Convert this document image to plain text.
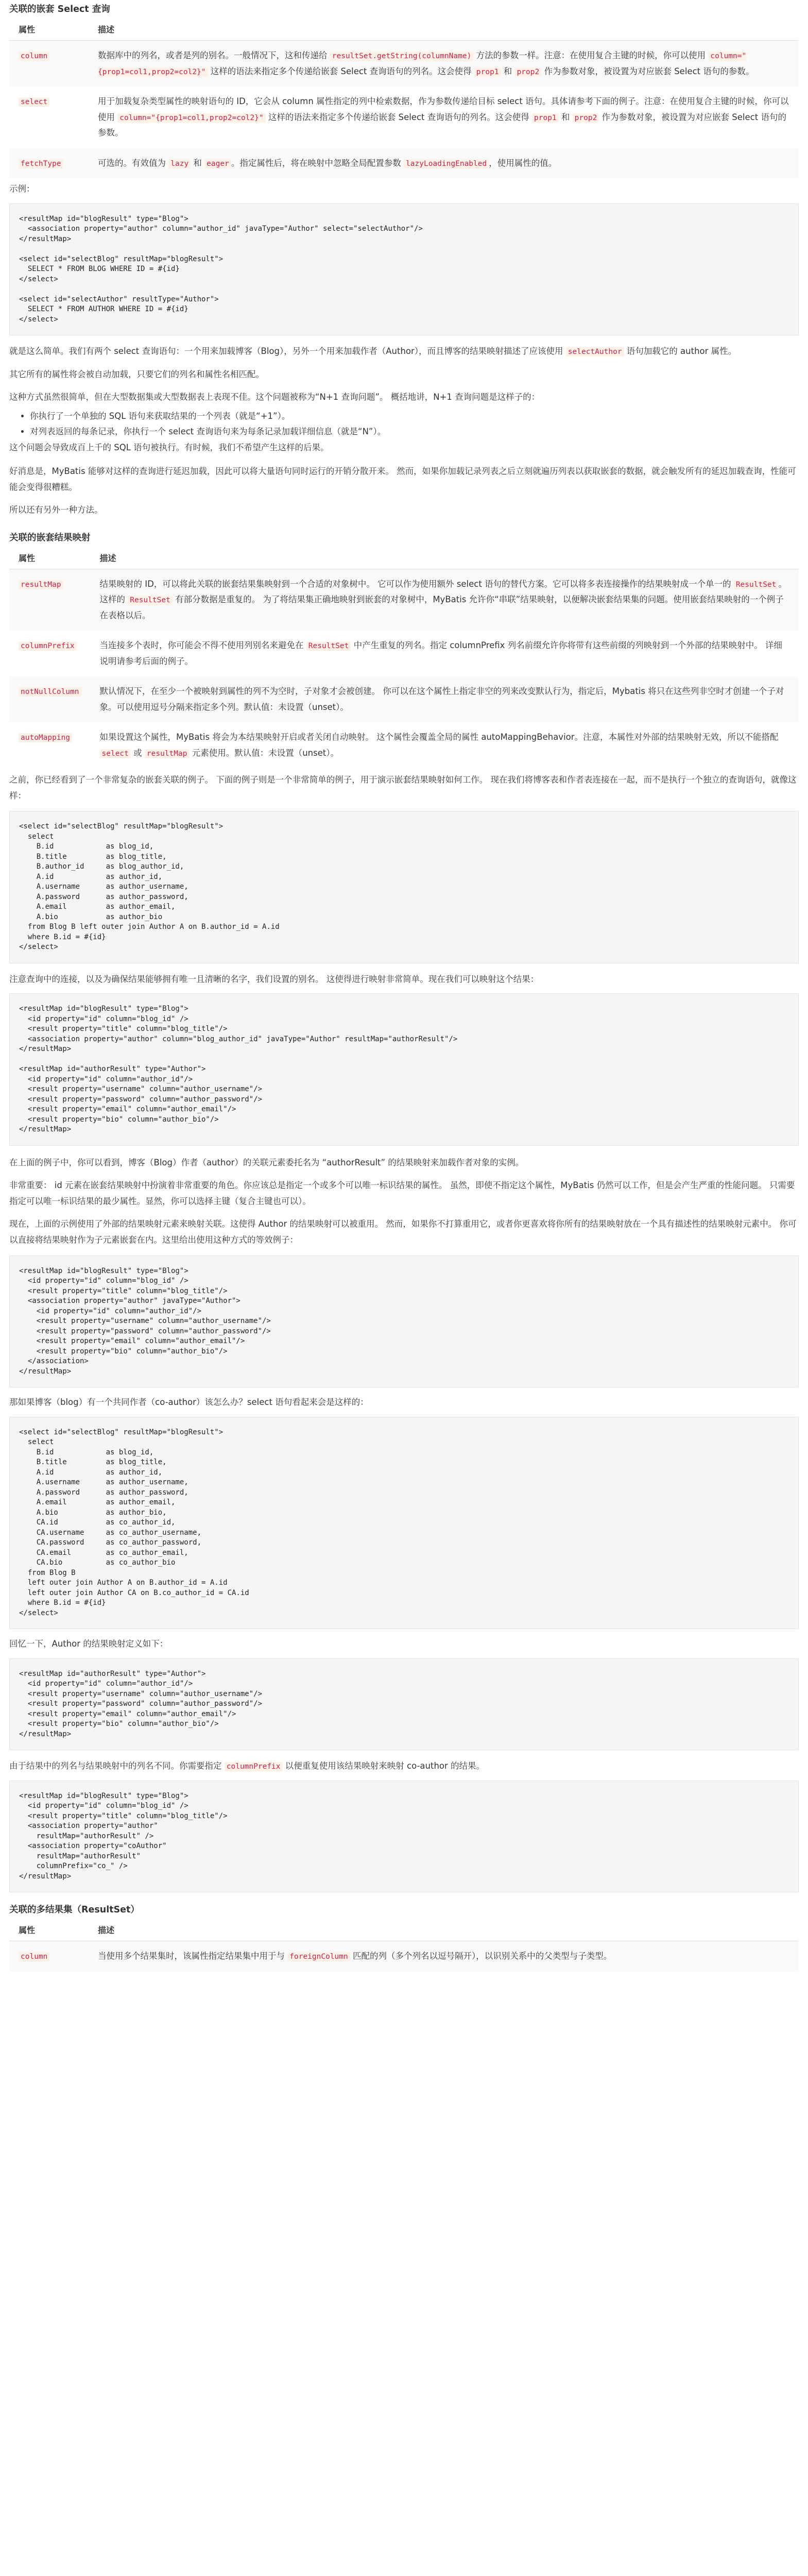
关联的嵌套 Select 查询
属性	描述
column	数据库中的列名，或者是列的别名。一般情况下，这和传递给 resultSet.getString(columnName) 方法的参数一样。注意：在使用复合主键的时候，你可以使用 column="{prop1=col1,prop2=col2}" 这样的语法来指定多个传递给嵌套 Select 查询语句的列名。这会使得 prop1 和 prop2 作为参数对象，被设置为对应嵌套 Select 语句的参数。
select	用于加载复杂类型属性的映射语句的 ID，它会从 column 属性指定的列中检索数据，作为参数传递给目标 select 语句。具体请参考下面的例子。注意：在使用复合主键的时候，你可以使用 column="{prop1=col1,prop2=col2}" 这样的语法来指定多个传递给嵌套 Select 查询语句的列名。这会使得 prop1 和 prop2 作为参数对象，被设置为对应嵌套 Select 语句的参数。
fetchType	可选的。有效值为 lazy 和 eager 。指定属性后，将在映射中忽略全局配置参数 lazyLoadingEnabled ，使用属性的值。

示例：

<resultMap id="blogResult" type="Blog">
<association property="author" column="author_id" javaType="Author" select="selectAuthor"/>
</resultMap>

<select id="selectBlog" resultMap="blogResult">
SELECT * FROM BLOG WHERE ID = #{id}
</select>

<select id="selectAuthor" resultType="Author">
SELECT * FROM AUTHOR WHERE ID = #{id}
</select>

就是这么简单。我们有两个 select 查询语句：一个用来加载博客（Blog），另外一个用来加载作者（Author），而且博客的结果映射描述了应该使用 selectAuthor 语句加载它的 author 属性。

其它所有的属性将会被自动加载，只要它们的列名和属性名相匹配。

这种方式虽然很简单，但在大型数据集或大型数据表上表现不佳。这个问题被称为“N+1 查询问题”。 概括地讲，N+1 查询问题是这样子的：

• 你执行了一个单独的 SQL 语句来获取结果的一个列表（就是“+1”）。
• 对列表返回的每条记录，你执行一个 select 查询语句来为每条记录加载详细信息（就是“N”）。

这个问题会导致成百上千的 SQL 语句被执行。有时候，我们不希望产生这样的后果。

好消息是，MyBatis 能够对这样的查询进行延迟加载，因此可以将大量语句同时运行的开销分散开来。 然而，如果你加载记录列表之后立刻就遍历列表以获取嵌套的数据，就会触发所有的延迟加载查询，性能可能会变得很糟糕。

所以还有另外一种方法。

关联的嵌套结果映射
属性	描述
resultMap	结果映射的 ID，可以将此关联的嵌套结果集映射到一个合适的对象树中。 它可以作为使用额外 select 语句的替代方案。它可以将多表连接操作的结果映射成一个单一的 ResultSet 。这样的 ResultSet 有部分数据是重复的。 为了将结果集正确地映射到嵌套的对象树中，MyBatis 允许你“串联”结果映射，以便解决嵌套结果集的问题。使用嵌套结果映射的一个例子在表格以后。
columnPrefix	当连接多个表时，你可能会不得不使用列别名来避免在 ResultSet 中产生重复的列名。指定 columnPrefix 列名前缀允许你将带有这些前缀的列映射到一个外部的结果映射中。 详细说明请参考后面的例子。
notNullColumn	默认情况下，在至少一个被映射到属性的列不为空时，子对象才会被创建。 你可以在这个属性上指定非空的列来改变默认行为，指定后，Mybatis 将只在这些列非空时才创建一个子对象。可以使用逗号分隔来指定多个列。默认值：未设置（unset）。
autoMapping	如果设置这个属性，MyBatis 将会为本结果映射开启或者关闭自动映射。 这个属性会覆盖全局的属性 autoMappingBehavior。注意，本属性对外部的结果映射无效，所以不能搭配 select 或 resultMap 元素使用。默认值：未设置（unset）。

之前，你已经看到了一个非常复杂的嵌套关联的例子。 下面的例子则是一个非常简单的例子，用于演示嵌套结果映射如何工作。 现在我们将博客表和作者表连接在一起，而不是执行一个独立的查询语句，就像这样：

<select id="selectBlog" resultMap="blogResult">
select
B.id            as blog_id,
B.title         as blog_title,
B.author_id     as blog_author_id,
A.id            as author_id,
A.username      as author_username,
A.password      as author_password,
A.email         as author_email,
A.bio           as author_bio
from Blog B left outer join Author A on B.author_id = A.id
where B.id = #{id}
</select>

注意查询中的连接，以及为确保结果能够拥有唯一且清晰的名字，我们设置的别名。 这使得进行映射非常简单。现在我们可以映射这个结果：

<resultMap id="blogResult" type="Blog">
<id property="id" column="blog_id" />
<result property="title" column="blog_title"/>
<association property="author" column="blog_author_id" javaType="Author" resultMap="authorResult"/>
</resultMap>

<resultMap id="authorResult" type="Author">
<id property="id" column="author_id"/>
<result property="username" column="author_username"/>
<result property="password" column="author_password"/>
<result property="email" column="author_email"/>
<result property="bio" column="author_bio"/>
</resultMap>

在上面的例子中，你可以看到，博客（Blog）作者（author）的关联元素委托名为 “authorResult” 的结果映射来加载作者对象的实例。

非常重要： id 元素在嵌套结果映射中扮演着非常重要的角色。你应该总是指定一个或多个可以唯一标识结果的属性。 虽然，即使不指定这个属性，MyBatis 仍然可以工作，但是会产生严重的性能问题。 只需要指定可以唯一标识结果的最少属性。显然，你可以选择主键（复合主键也可以）。

现在，上面的示例使用了外部的结果映射元素来映射关联。这使得 Author 的结果映射可以被重用。 然而，如果你不打算重用它，或者你更喜欢将你所有的结果映射放在一个具有描述性的结果映射元素中。 你可以直接将结果映射作为子元素嵌套在内。这里给出使用这种方式的等效例子：

<resultMap id="blogResult" type="Blog">
<id property="id" column="blog_id" />
<result property="title" column="blog_title"/>
<association property="author" javaType="Author">
<id property="id" column="author_id"/>
<result property="username" column="author_username"/>
<result property="password" column="author_password"/>
<result property="email" column="author_email"/>
<result property="bio" column="author_bio"/>
</association>
</resultMap>

那如果博客（blog）有一个共同作者（co-author）该怎么办？select 语句看起来会是这样的：

<select id="selectBlog" resultMap="blogResult">
select
B.id            as blog_id,
B.title         as blog_title,
A.id            as author_id,
A.username      as author_username,
A.password      as author_password,
A.email         as author_email,
A.bio           as author_bio,
CA.id           as co_author_id,
CA.username     as co_author_username,
CA.password     as co_author_password,
CA.email        as co_author_email,
CA.bio          as co_author_bio
from Blog B
left outer join Author A on B.author_id = A.id
left outer join Author CA on B.co_author_id = CA.id
where B.id = #{id}
</select>

回忆一下，Author 的结果映射定义如下：

<resultMap id="authorResult" type="Author">
<id property="id" column="author_id"/>
<result property="username" column="author_username"/>
<result property="password" column="author_password"/>
<result property="email" column="author_email"/>
<result property="bio" column="author_bio"/>
</resultMap>

由于结果中的列名与结果映射中的列名不同。你需要指定 columnPrefix 以便重复使用该结果映射来映射 co-author 的结果。

<resultMap id="blogResult" type="Blog">
<id property="id" column="blog_id" />
<result property="title" column="blog_title"/>
<association property="author"
resultMap="authorResult" />
<association property="coAuthor"
resultMap="authorResult"
columnPrefix="co_" />
</resultMap>
关联的多结果集（ResultSet）
属性	描述
column	当使用多个结果集时，该属性指定结果集中用于与 foreignColumn 匹配的列（多个列名以逗号隔开），以识别关系中的父类型与子类型。
